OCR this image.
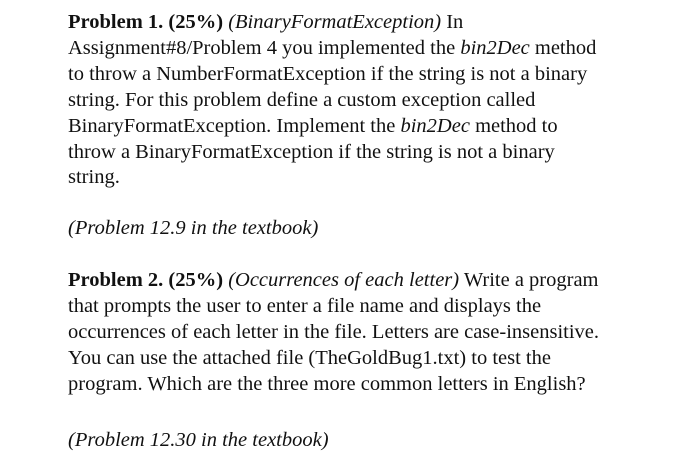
Problem 1. (25%) (BinaryFormatException) In
Assignment#8/Problem 4 you implemented the bin2Dec method
to throw a NumberFormatException if the string is not a binary
string. For this problem define a custom exception called
BinaryFormatException. Implement the bin2Dec method to
throw a BinaryFormatException if the string is not a binary
string.

(Problem 12.9 in the textbook)

Problem 2. (25%) (Occurrences of each letter) Write a program
that prompts the user to enter a file name and displays the
occurrences of each letter in the file. Letters are case-insensitive.
You can use the attached file (TheGoldBug1.txt) to test the
program. Which are the three more common letters in English?

(Problem 12.30 in the textbook)
